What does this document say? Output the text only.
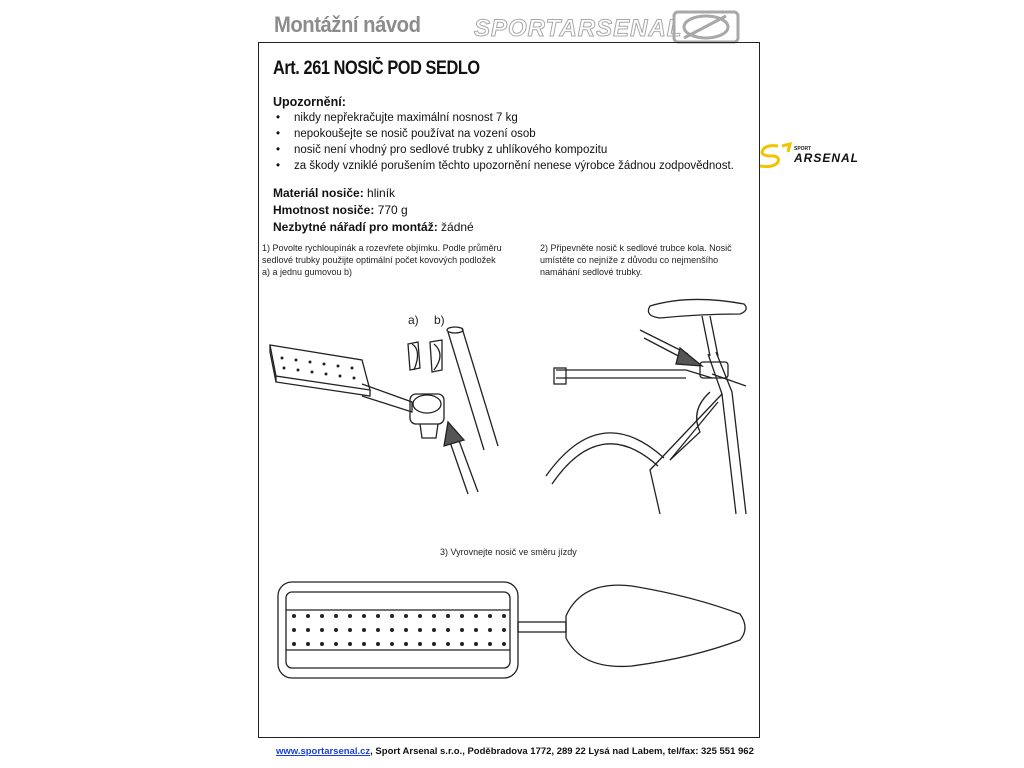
Montážní návod SPORTARSENAL
Art. 261 NOSIČ POD SEDLO
Upozornění:
• nikdy nepřekračujte maximální nosnost 7 kg
• nepokoušejte se nosič používat na vození osob
• nosič není vhodný pro sedlové trubky z uhlíkového kompozitu
• za škody vzniklé porušením těchto upozornění nenese výrobce žádnou zodpovědnost.
Materiál nosiče: hliník
Hmotnost nosiče: 770 g
Nezbytné nářadí pro montáž: žádné
1) Povolte rychloupínák a rozevřete objímku. Podle průměru
sedlové trubky použijte optimální počet kovových podložek
a) a jednu gumovou b)
2) Připevněte nosič k sedlové trubce kola. Nosič
umístěte co nejníže z důvodu co nejmenšího
namáhání sedlové trubky.
3) Vyrovnejte nosič ve směru jízdy
a) b)
SPORT
ARSENAL
www.sportarsenal.cz, Sport Arsenal s.r.o., Poděbradova 1772, 289 22 Lysá nad Labem, tel/fax: 325 551 962
